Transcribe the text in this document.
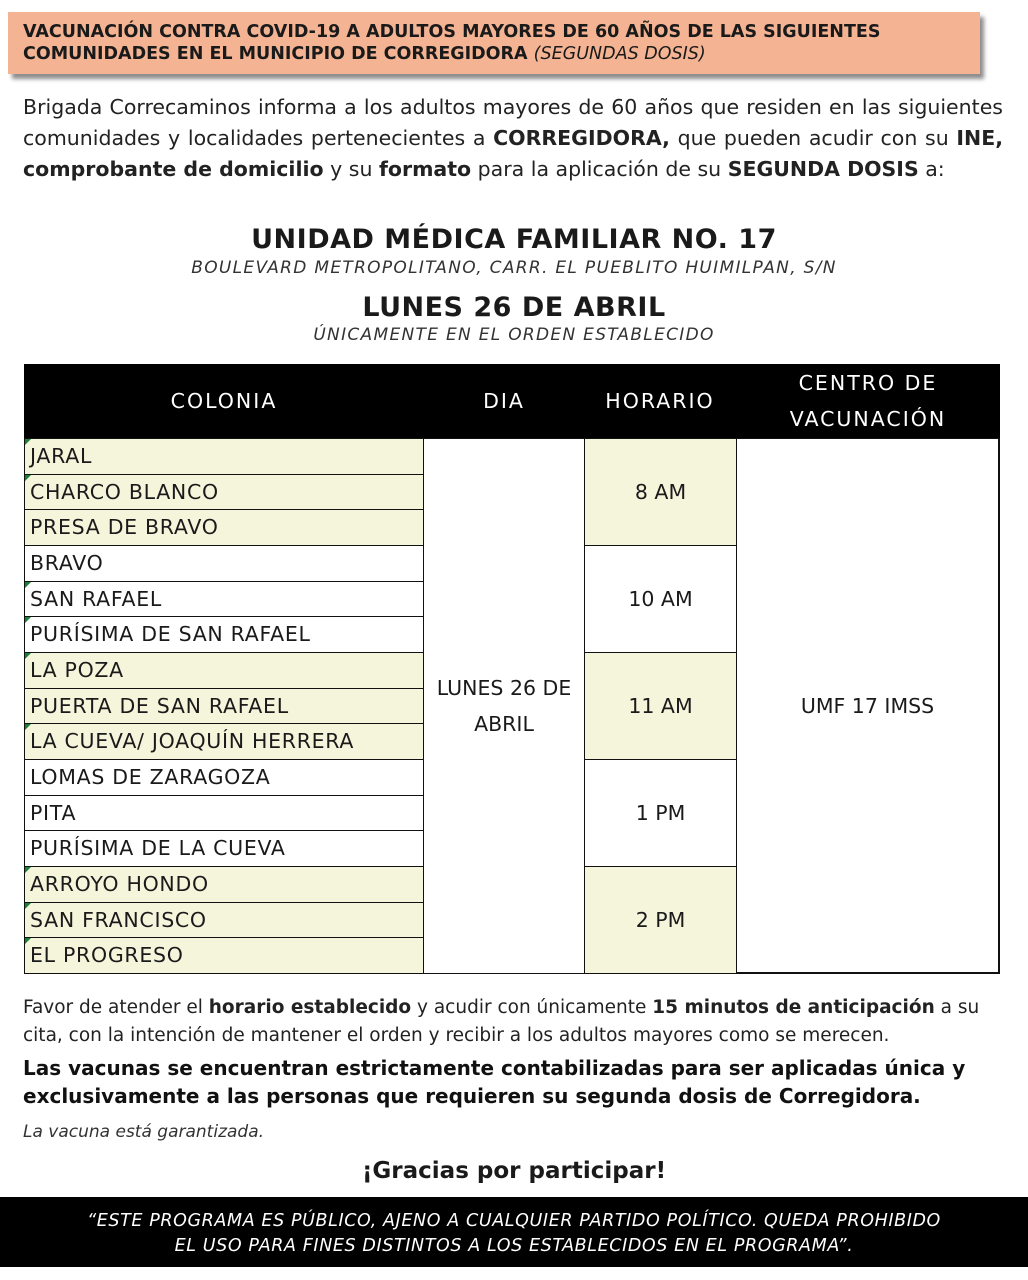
VACUNACIÓN CONTRA COVID-19 A ADULTOS MAYORES DE 60 AÑOS DE LAS SIGUIENTES COMUNIDADES EN EL MUNICIPIO DE CORREGIDORA (SEGUNDAS DOSIS)
Brigada Correcaminos informa a los adultos mayores de 60 años que residen en las siguientes comunidades y localidades pertenecientes a CORREGIDORA, que pueden acudir con su INE, comprobante de domicilio y su formato para la aplicación de su SEGUNDA DOSIS a:
UNIDAD MÉDICA FAMILIAR NO. 17
BOULEVARD METROPOLITANO, CARR. EL PUEBLITO HUIMILPAN, S/N
LUNES 26 DE ABRIL
ÚNICAMENTE EN EL ORDEN ESTABLECIDO
COLONIA	DIA	HORARIO
CENTRO DE VACUNACIÓN
JARAL
CHARCO BLANCO
PRESA DE BRAVO
BRAVO
SAN RAFAEL
PURÍSIMA DE SAN RAFAEL
LA POZA
PUERTA DE SAN RAFAEL
LA CUEVA/ JOAQUÍN HERRERA
LOMAS DE ZARAGOZA
PITA
PURÍSIMA DE LA CUEVA
ARROYO HONDO
SAN FRANCISCO
EL PROGRESO
LUNES 26 DE ABRIL
8 AM
10 AM
11 AM
1 PM
2 PM
UMF 17 IMSS
Favor de atender el horario establecido y acudir con únicamente 15 minutos de anticipación a su cita, con la intención de mantener el orden y recibir a los adultos mayores como se merecen.
Las vacunas se encuentran estrictamente contabilizadas para ser aplicadas única y exclusivamente a las personas que requieren su segunda dosis de Corregidora.
La vacuna está garantizada.
¡Gracias por participar!
“ESTE PROGRAMA ES PÚBLICO, AJENO A CUALQUIER PARTIDO POLÍTICO. QUEDA PROHIBIDO EL USO PARA FINES DISTINTOS A LOS ESTABLECIDOS EN EL PROGRAMA”.
